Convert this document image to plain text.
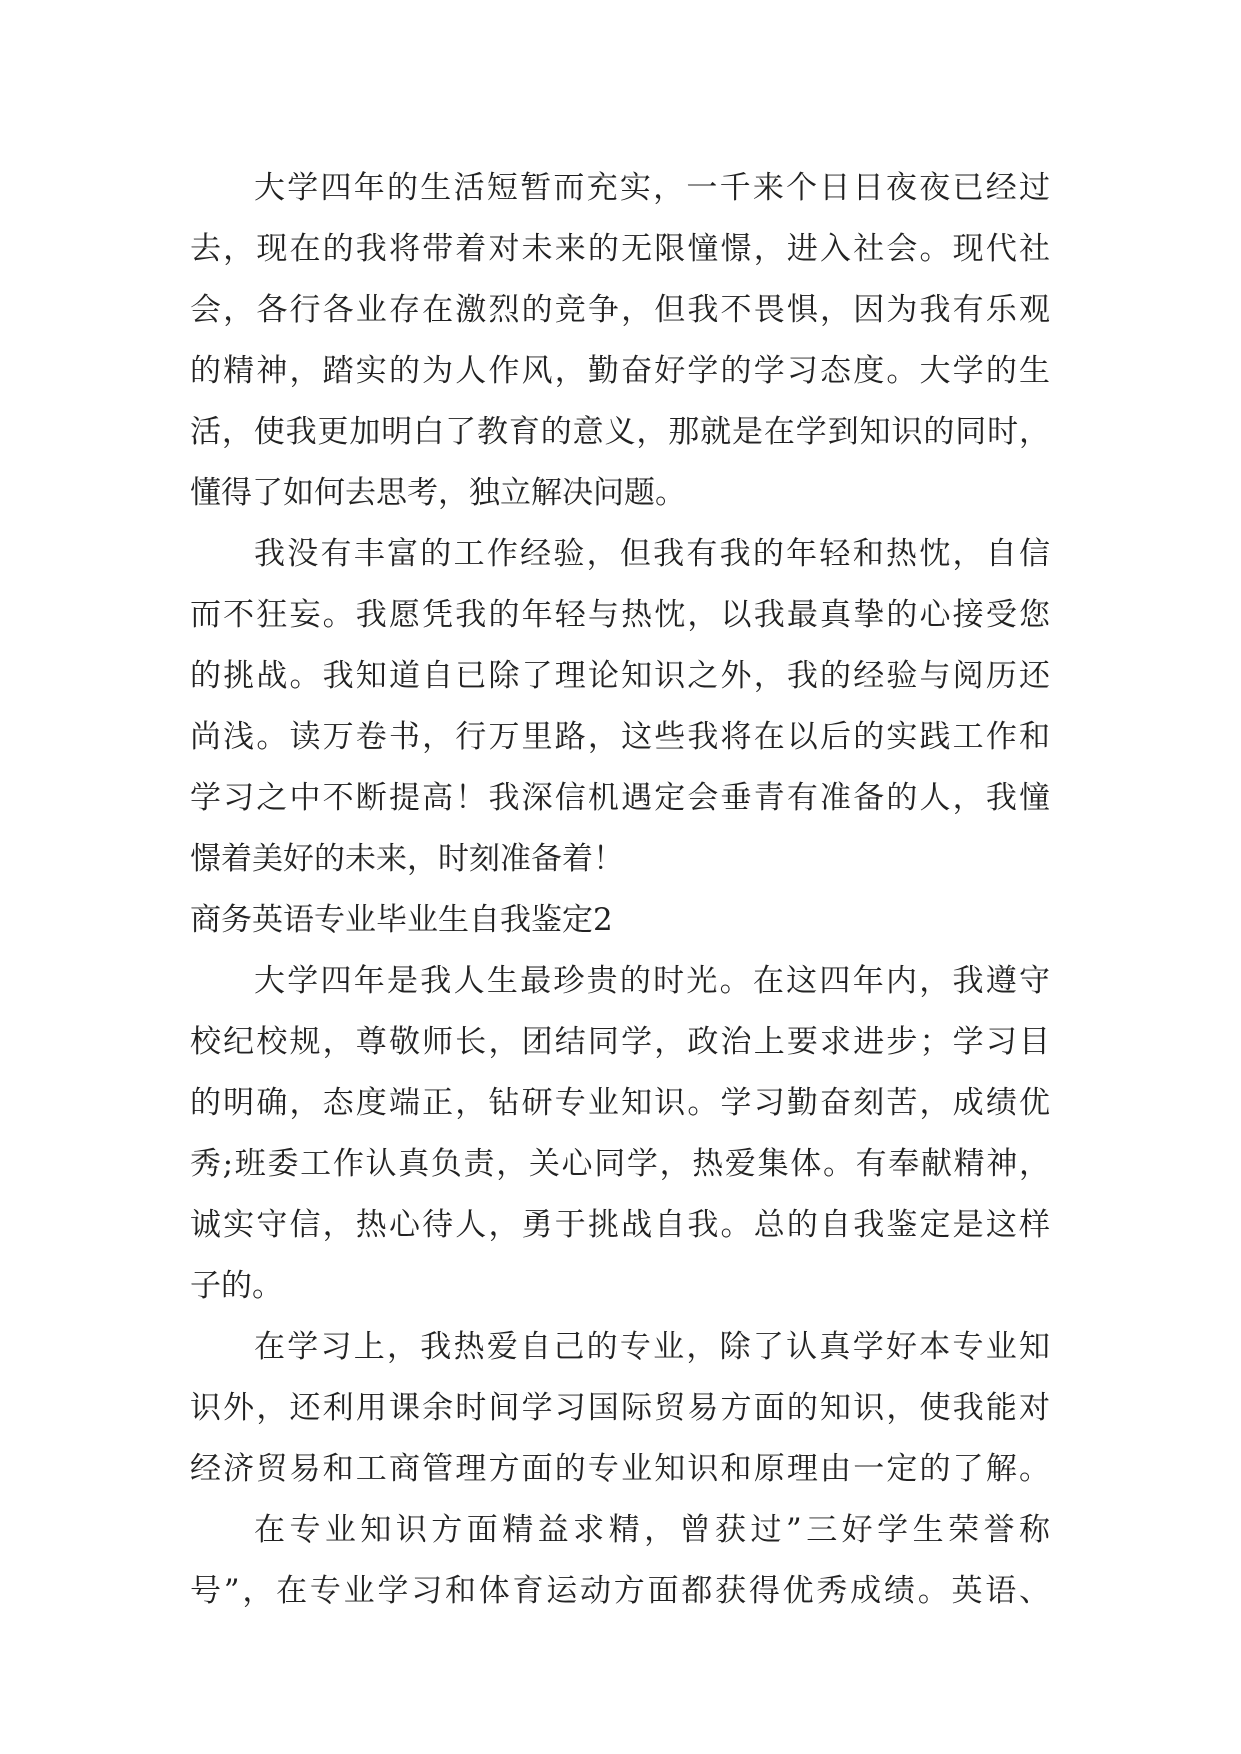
大学四年的生活短暂而充实，一千来个日日夜夜已经过
去，现在的我将带着对未来的无限憧憬，进入社会。现代社
会，各行各业存在激烈的竞争，但我不畏惧，因为我有乐观
的精神，踏实的为人作风，勤奋好学的学习态度。大学的生
活，使我更加明白了教育的意义，那就是在学到知识的同时，
懂得了如何去思考，独立解决问题。
我没有丰富的工作经验，但我有我的年轻和热忱，自信
而不狂妄。我愿凭我的年轻与热忱，以我最真挚的心接受您
的挑战。我知道自已除了理论知识之外，我的经验与阅历还
尚浅。读万卷书，行万里路，这些我将在以后的实践工作和
学习之中不断提高！我深信机遇定会垂青有准备的人，我憧
憬着美好的未来，时刻准备着！
商务英语专业毕业生自我鉴定2
大学四年是我人生最珍贵的时光。在这四年内，我遵守
校纪校规，尊敬师长，团结同学，政治上要求进步；学习目
的明确，态度端正，钻研专业知识。学习勤奋刻苦，成绩优
秀;班委工作认真负责，关心同学，热爱集体。有奉献精神，
诚实守信，热心待人，勇于挑战自我。总的自我鉴定是这样
子的。
在学习上，我热爱自己的专业，除了认真学好本专业知
识外，还利用课余时间学习国际贸易方面的知识，使我能对
经济贸易和工商管理方面的专业知识和原理由一定的了解。
在专业知识方面精益求精，曾获过”三好学生荣誉称
号”，在专业学习和体育运动方面都获得优秀成绩。英语、
